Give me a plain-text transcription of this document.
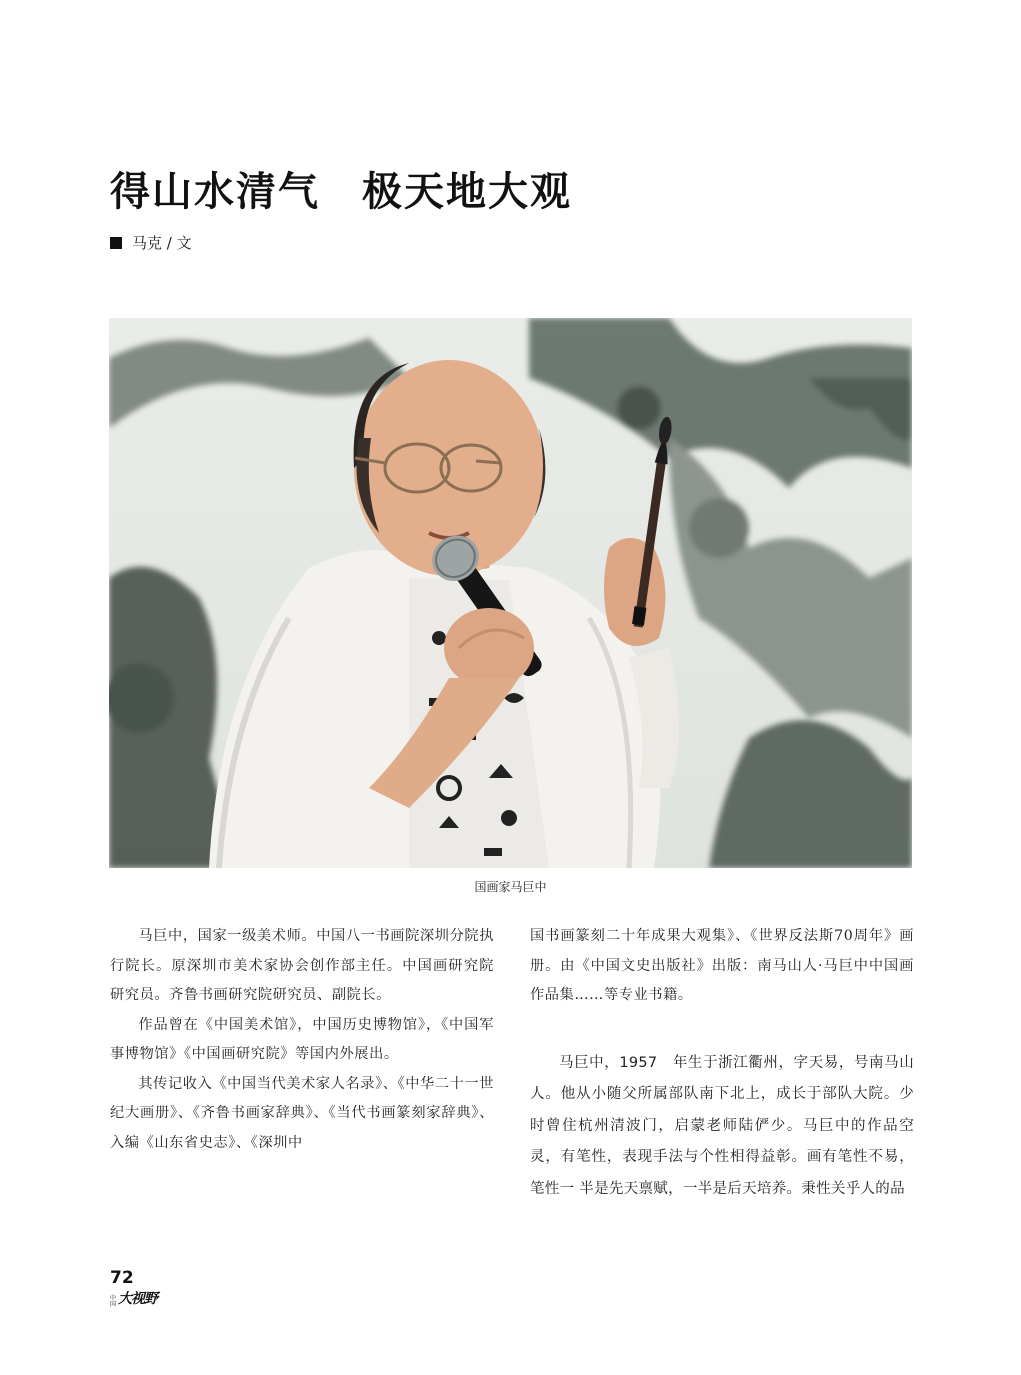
得山水清气　极天地大观
马克 / 文
国画家马巨中

马巨中，国家一级美术师。中国八一书画院深圳分院执行院长。原深圳市美术家协会创作部主任。中国画研究院研究员。齐鲁书画研究院研究员、副院长。

作品曾在《中国美术馆》，中国历史博物馆》，《中国军事博物馆》《中国画研究院》等国内外展出。

其传记收入《中国当代美术家人名录》、《中华二十一世纪大画册》、《齐鲁书画家辞典》、《当代书画篆刻家辞典》、入编《山东省史志》、《深圳中

国书画篆刻二十年成果大观集》、《世界反法斯70周年》画册。由《中国文史出版社》出版：南马山人·马巨中中国画作品集……等专业书籍。

马巨中，1957　年生于浙江衢州，字天易，号南马山人。他从小随父所属部队南下北上，成长于部队大院。少时曾住杭州清波门，启蒙老师陆俨少。马巨中的作品空灵，有笔性，表现手法与个性相得益彰。画有笔性不易，笔性一 半是先天禀赋，一半是后天培养。秉性关乎人的品

72
中国 大视野
